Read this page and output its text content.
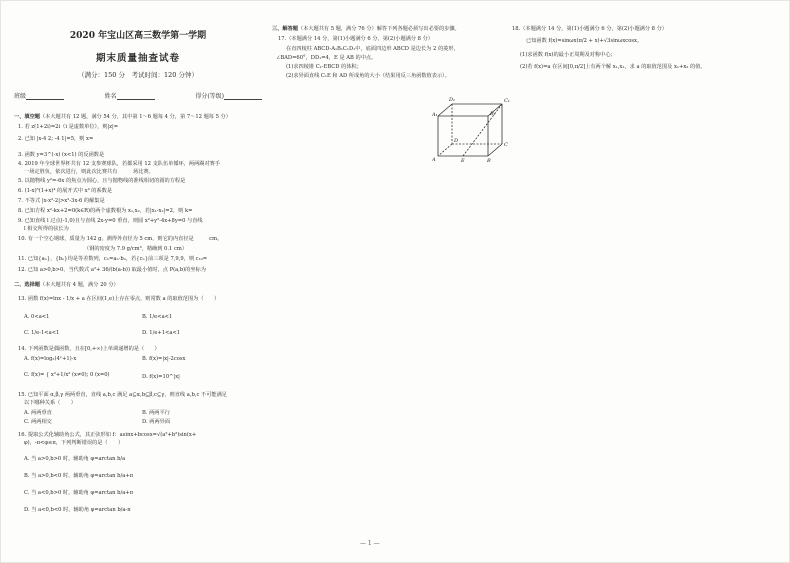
2020 年宝山区高三数学第一学期
期末质量抽查试卷
（满分：150 分　考试时间：120 分钟）
班级	姓名	得分(等级)
一、填空题（本大题共有 12 题，满分 54 分，其中第 1～6 题每 4 分，第 7～12 题每 5 分）
1. 若 z(1+2i)=2i（i 是虚数单位），则|z|=
2. 已知 |x-4 2; -4 1|=5，则 x=
3. 函数 y=3^(-x) (x<1) 的反函数是
4. 2019 年全球世界杯共有 12 支参赛球队，若都采用 12 支队伍单循环，两两踢对赛手
一场定胜负，依次进行，则此次比赛共有　　　场比赛。
5. 以抛物线 y²=-6x 的焦点为圆心，且与抛物线的准线相切的圆的方程是
6. (1-x)⁵(1+x)⁴ 的展开式中 x³ 的系数是
7. 不等式 |x-x²-2|>x²-3x-6 的解集是
8. 已知方程 x²-kx+2=0(k∈R)的两个虚数根为 x₁,x₂，若|x₁-x₂|=2，则 k=
9. 已知直线 l 过点(-1,0)且与直线 2x-y=0 垂直，则圆 x²+y²-4x+8y=0 与直线
l 相交所得的弦长为
10. 有一个空心钢球，质量为 142 g，测得外直径为 5 cm，则它的内直径是　　　cm。
（钢的密度为 7.9 g/cm³，精确到 0.1 cm）
11. 已知{aₙ}，{bₙ}均是等差数列，cₙ=aₙ·bₙ，若{cₙ}前三项是 7,9,9，则 c₁₀=
12. 已知 a>0,b>0，当代数式 a²+ 36/(b(a-b)) 取最小值时，点 P(a,b)的坐标为
二、选择题（本大题共有 4 题，满分 20 分）
13. 函数 f(x)=lnx - 1/x + a 在区间(1,e)上存在零点，则常数 a 的取值范围为（　　）
A. 0<a<1	B. 1/e<a<1
C. 1/e-1<a<1	D. 1/e+1<a<1
14. 下列函数是偶函数，且在[0,+∞)上单调递增的是（　　）
A. f(x)=log₂(4ˣ+1)-x	B. f(x)=|x|-2cosx
C. f(x)= { x²+1/x² (x≠0); 0 (x=0)	D. f(x)=10^|x|
15. 已知平面 α,β,γ 两两垂直，直线 a,b,c 满足 a⊆α,b⊆β,c⊆γ，则直线 a,b,c 不可能满足
以下哪种关系（　　）
A. 两两垂直	B. 两两平行
C. 两两相交	D. 两两异面
16. 提取公式化辅助角公式，其正弦形如 f：asinx+bcosx=√(a²+b²)sin(x+
φ)，-π<φ≤π，下列判断错误的是（　　）
A. 当 a>0,b>0 时，辅助角 φ=arctan b/a
B. 当 a>0,b<0 时，辅助角 φ=arctan b/a+π
C. 当 a<0,b>0 时，辅助角 φ=arctan b/a+π
D. 当 a<0,b<0 时，辅助角 φ=arctan b/a-π
三、解答题（本大题共有 5 题，满分 76 分）解答下列各题必须写出必要的步骤。
17.（本题满分 14 分，第(1)小题满分 6 分，第(2)小题满分 8 分）
在直四棱柱 ABCD-A₁B₁C₁D₁中，底面四边形 ABCD 是边长为 2 的菱形，
∠BAD=60°，DD₁=4，E 是 AB 的中点。
(1)求四棱锥 C₁-EBCD 的体积；
(2)求异面直线 C₁E 和 AD 所成角的大小（结果用反三角函数值表示）。
D₁	C₁
A₁	B₁
D
C
A	E	B
18.（本题满分 14 分，第(1)小题满分 6 分，第(2)小题满分 8 分）
已知函数 f(x)=sinωx(π/2 + x)+√3sinωxcosx。
(1)求函数 f(x)的最小正周期及对称中心；
(2)若 f(x)=a 在区间[0,π/2]上有两个解 x₁,x₂，求 a 的取值范围及 x₁+x₂ 的值。
— 1 —
